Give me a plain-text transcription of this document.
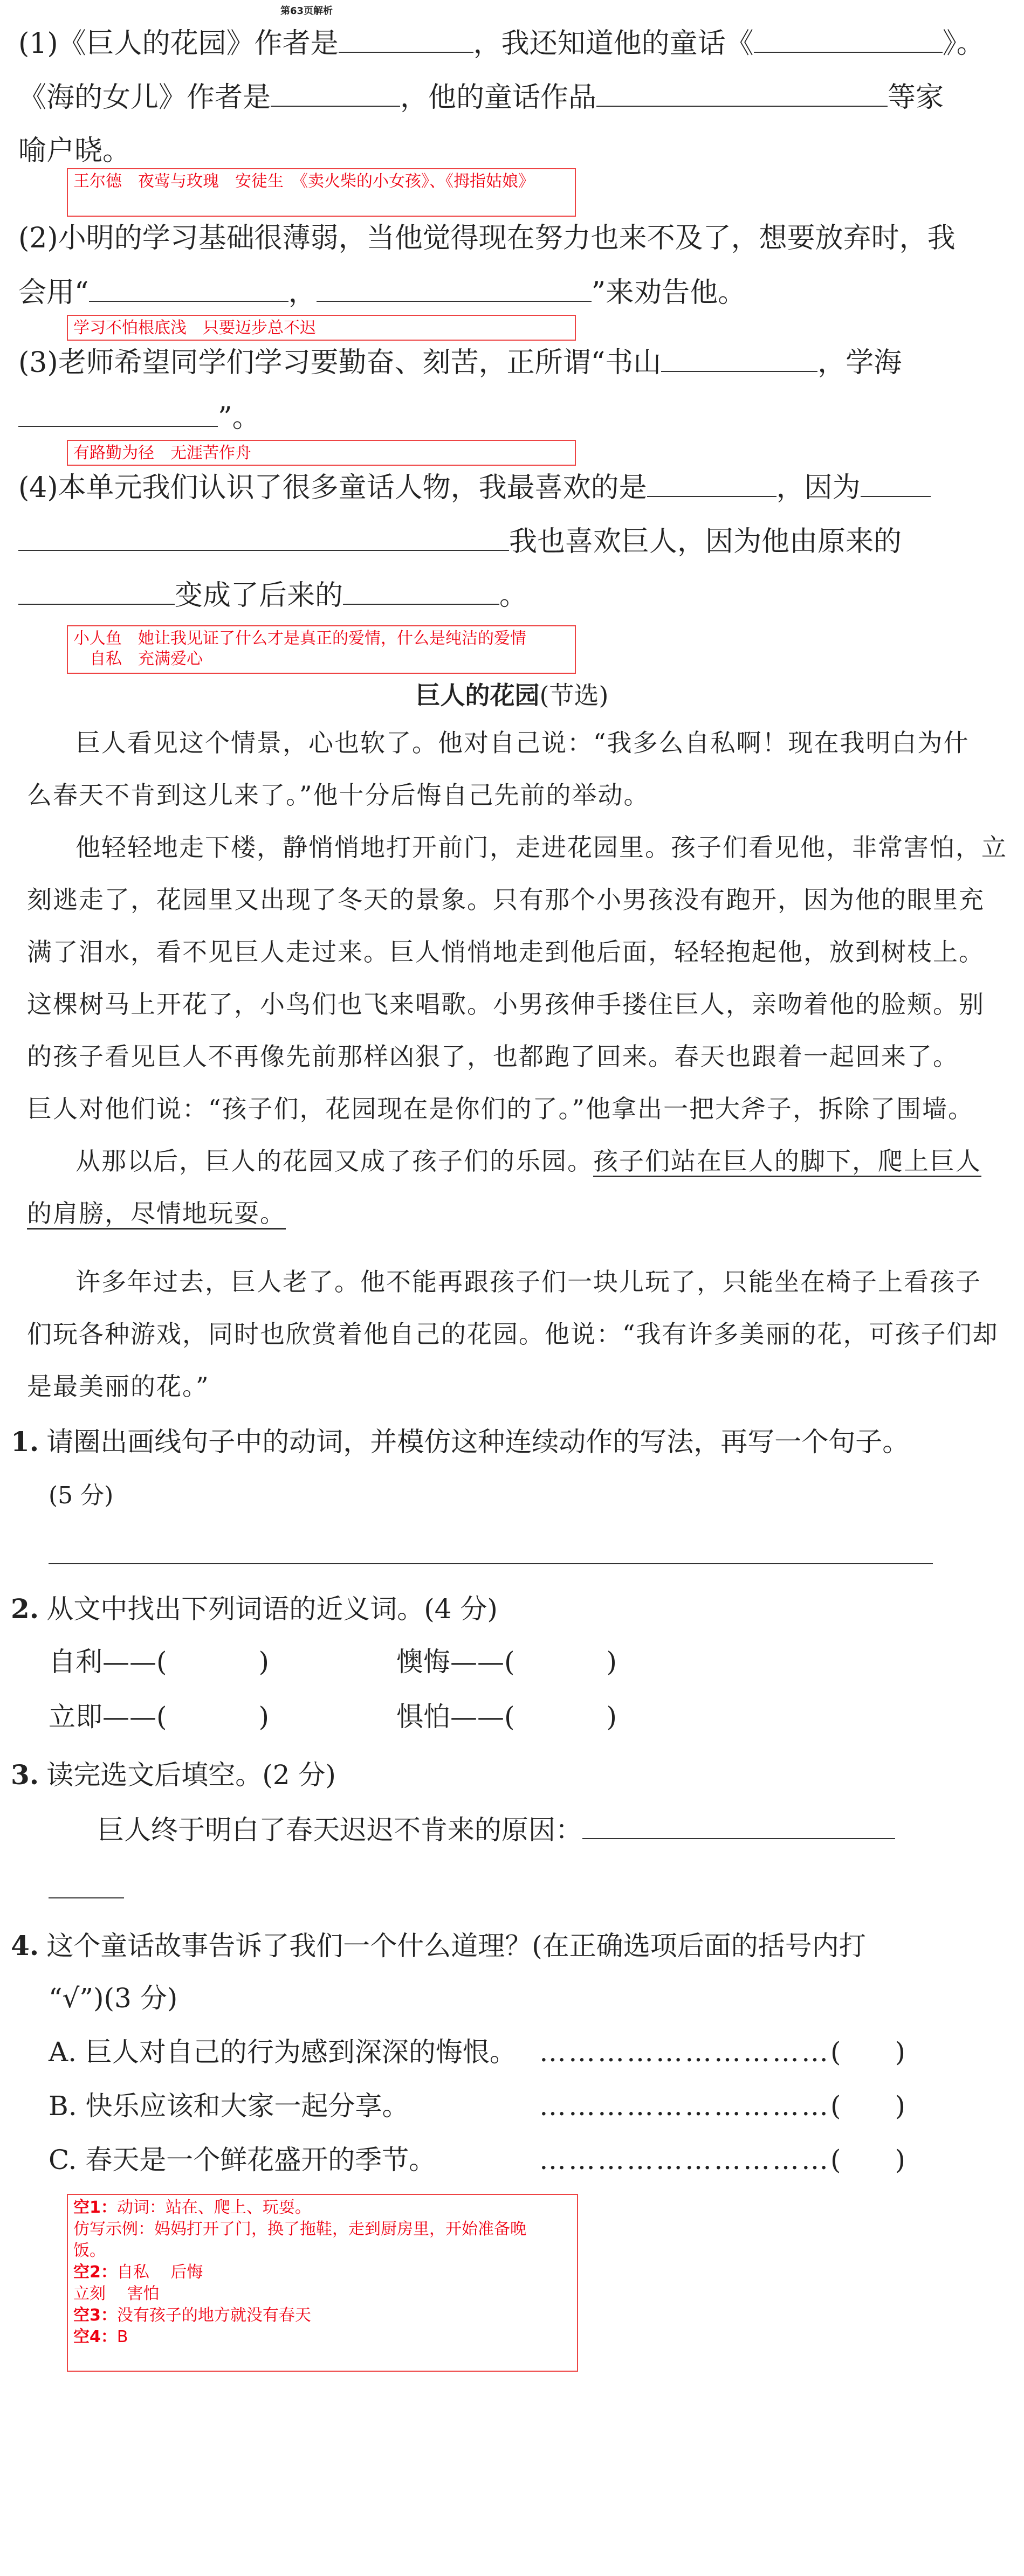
第63页解析
(1)《巨人的花园》作者是	，我还知道他的童话《	》。
《海的女儿》作者是	，他的童话作品	等家
喻户晓。
王尔德　夜莺与玫瑰　安徒生　《卖火柴的小女孩》、《拇指姑娘》
(2)小明的学习基础很薄弱，当他觉得现在努力也来不及了，想要放弃时，我
会用“	，	”来劝告他。
学习不怕根底浅　只要迈步总不迟
(3)老师希望同学们学习要勤奋、刻苦，正所谓“书山	，学海
”。
有路勤为径　无涯苦作舟
(4)本单元我们认识了很多童话人物，我最喜欢的是	，因为
我也喜欢巨人，因为他由原来的
变成了后来的	。
小人鱼　她让我见证了什么才是真正的爱情，什么是纯洁的爱情
自私　充满爱心
巨人的花园(节选)
巨人看见这个情景，心也软了。他对自己说：“我多么自私啊！现在我明白为什
么春天不肯到这儿来了。”他十分后悔自己先前的举动。
他轻轻地走下楼，静悄悄地打开前门，走进花园里。孩子们看见他，非常害怕，立
刻逃走了，花园里又出现了冬天的景象。只有那个小男孩没有跑开，因为他的眼里充
满了泪水，看不见巨人走过来。巨人悄悄地走到他后面，轻轻抱起他，放到树枝上。
这棵树马上开花了，小鸟们也飞来唱歌。小男孩伸手搂住巨人，亲吻着他的脸颊。别
的孩子看见巨人不再像先前那样凶狠了，也都跑了回来。春天也跟着一起回来了。
巨人对他们说：“孩子们，花园现在是你们的了。”他拿出一把大斧子，拆除了围墙。
从那以后，巨人的花园又成了孩子们的乐园。孩子们站在巨人的脚下，爬上巨人
的肩膀，尽情地玩耍。
许多年过去，巨人老了。他不能再跟孩子们一块儿玩了，只能坐在椅子上看孩子
们玩各种游戏，同时也欣赏着他自己的花园。他说：“我有许多美丽的花，可孩子们却
是最美丽的花。”
1. 请圈出画线句子中的动词，并模仿这种连续动作的写法，再写一个句子。
(5 分)
2. 从文中找出下列词语的近义词。(4 分)
自利——(	)	懊悔——(	)
立即——(	)	惧怕——(	)
3. 读完选文后填空。(2 分)
巨人终于明白了春天迟迟不肯来的原因：
4. 这个童话故事告诉了我们一个什么道理？(在正确选项后面的括号内打
“√”)(3 分)
A. 巨人对自己的行为感到深深的悔恨。 ………………………… (　　)
B. 快乐应该和大家一起分享。	………………………… (　　)
C. 春天是一个鲜花盛开的季节。	………………………… (　　)
空1：动词：站在、爬上、玩耍。
仿写示例：妈妈打开了门，换了拖鞋，走到厨房里，开始准备晚
饭。
空2：自私　 后悔
立刻　 害怕
空3：没有孩子的地方就没有春天
空4：B
